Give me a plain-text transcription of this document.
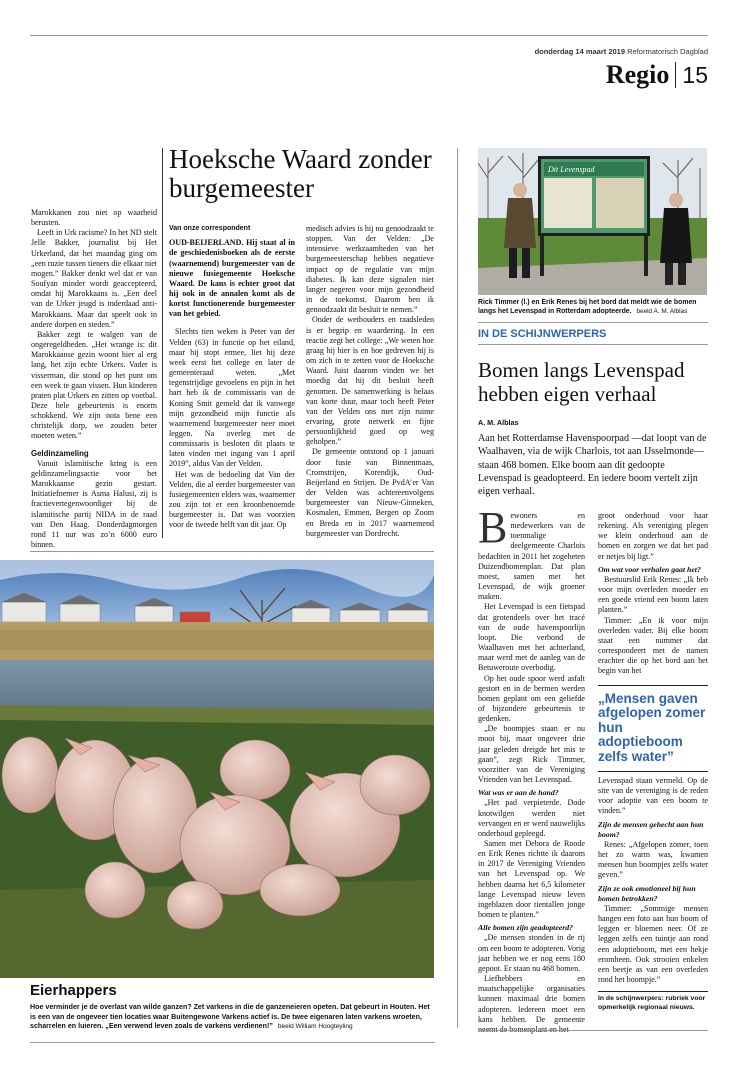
donderdag 14 maart 2019 Reformatorisch Dagblad
Regio 15

Marokkanen zou niet op waarheid berusten.

Leeft in Urk racisme? In het ND stelt Jelle Bakker, journalist bij Het Urkerland, dat het maandag ging om „een ruzie tussen tieners die elkaar niet mogen.” Bakker denkt wel dat er van Soufyan minder wordt geaccepteerd, omdat hij Marokkaans is. „Een deel van de Urker jeugd is inderdaad anti-Marokkaans. Maar dat speelt ook in andere dorpen en steden.”

Bakker zegt te walgen van de ongeregeldheden. „Het wrange is: dit Marokkaanse gezin woont hier al erg lang, het zijn echte Urkers. Vader is visserman, die stond op het punt om een week te gaan vissen. Hun kinderen praten plat Urkers en zitten op voetbal. Deze hele gebeurtenis is enorm schokkend. We zijn nota bene een christelijk dorp, we zouden beter moeten weten.”

Geldinzameling

Vanuit islamitische kring is een geldinzamelingsactie voor het Marokkaanse gezin gestart. Initiatiefnemer is Asma Halusi, zij is fractievertegenwoordiger bij de islamitische partij NIDA in de raad van Den Haag. Donderdagmorgen rond 11 uur was zo’n 6000 euro binnen.

Hoeksche Waard zonder burgemeester
Van onze correspondent

OUD-BEIJERLAND. Hij staat al in de geschiedenisboeken als de eerste (waarnemend) burgemeester van de nieuwe fusiegemeente Hoeksche Waard. De kans is echter groot dat hij ook in de annalen komt als de kortst functionerende burgemeester van het gebied.

Slechts tien weken is Peter van der Velden (63) in functie op het eiland, maar hij stopt ermee, liet hij deze week eerst het college en later de gemeenteraad weten. „Met tegenstrijdige gevoelens en pijn in het hart heb ik de commissaris van de Koning Smit gemeld dat ik vanwege mijn gezondheid mijn functie als waarnemend burgemeester neer moet leggen. Na overleg met de commissaris is besloten dit plaats te laten vinden met ingang van 1 april 2019”, aldus Van der Velden.

Het was de bedoeling dat Van der Velden, die al eerder burgemeester van fusiegemeenten elders was, waarnemer zou zijn tot er een kroonbenoemde burgemeester is. Dat was voorzien voor de tweede helft van dit jaar. Op

medisch advies is hij nu genoodzaakt te stoppen. Van der Velden: „De intensieve werkzaamheden van het burgemeesterschap hebben negatieve impact op de regulatie van mijn diabetes. Ik kan deze signalen niet langer negeren voor mijn gezondheid in de toekomst. Daarom ben ik genoodzaakt dit besluit te nemen.”

Onder de wethouders en raadsleden is er begrip en waardering. In een reactie zegt het college: „We weten hoe graag hij hier is en hoe gedreven hij is om zich in te zetten voor de Hoeksche Waard. Juist daarom vinden we het moedig dat hij dit besluit heeft genomen. De samenwerking is helaas van korte duur, maar toch heeft Peter van der Velden ons met zijn ruime ervaring, grote netwerk en fijne persoonlijkheid goed op weg geholpen.”

De gemeente ontstond op 1 januari door fusie van Binnenmaas, Cromstrijen, Korendijk, Oud-Beijerland en Strijen. De PvdA’er Van der Velden was achtereenvolgens burgemeester van Nieuw-Ginneken, Kosmalen, Emmen, Bergen op Zoom en Breda en in 2017 waarnemend burgemeester van Dordrecht.

Eierhappers
Hoe verminder je de overlast van wilde ganzen? Zet varkens in die de ganzeneieren opeten. Dat gebeurt in Houten. Het is een van de ongeveer tien locaties waar Buitengewone Varkens actief is. De twee eigenaren laten varkens wroeten, scharrelen en luieren. „Een verwend leven zoals de varkens verdienen!” beeld William Hoogteyling
Dit Levenspad
Rick Timmer (l.) en Erik Renes bij het bord dat meldt wie de bomen langs het Levenspad in Rotterdam adopteerde. beeld A. M. Alblas
IN DE SCHIJNWERPERS
Bomen langs Levenspad hebben eigen verhaal
A. M. Alblas
Aan het Rotterdamse Havenspoorpad —dat loopt van de Waalhaven, via de wijk Charlois, tot aan IJsselmonde— staan 468 bomen. Elke boom aan dit gedoopte Levenspad is geadopteerd. En iedere boom vertelt zijn eigen verhaal.
B ewoners en medewerkers van de toenmalige deelgemeente Charlois bedachten in 2011 het zogeheten Duizendbomenplan. Dat plan moest, samen met het Levenspad, de wijk groener maken.

Het Levenspad is een fietspad dat grotendeels over het tracé van de oude havenspoorlijn loopt. Die verbond de Waalhaven met het achterland, maar werd met de aanleg van de Betuweroute overbodig.

Op het oude spoor werd asfalt gestort en in de bermen werden bomen geplant om een geliefde of bijzondere gebeurtenis te gedenken.

„De boompjes staan er nu mooi bij, maar ongeveer drie jaar geleden dreigde het mis te gaan”, zegt Rick Timmer, voorzitter van de Vereniging Vrienden van het Levenspad.

Wat was er aan de hand?

„Het pad verpieterde. Dode knotwilgen werden niet vervangen en er werd nauwelijks onderhoud gepleegd.

Samen met Debora de Roode en Erik Renes richtte ik daarom in 2017 de Vereniging Vrienden van het Levenspad op. We hebben daarna het 6,5 kilometer lange Levenspad nieuw leven ingeblazen door tientallen jonge bomen te planten.”

Alle bomen zijn geadopteerd?

„De mensen stonden in de rij om een boom te adopteren. Vorig jaar hebben we er nog eens 180 gepoot. Er staan nu 468 bomen.

Liefhebbers en maatschappelijke organisaties kunnen maximaal drie bomen adopteren. Iedereen moet een kans hebben. De gemeente

groot onderhoud voor haar rekening. Als vereniging plegen we klein onderhoud aan de bomen en zorgen we dat het pad er netjes bij ligt.”

Om wat voor verhalen gaat het?

Bestuurslid Erik Renes: „Ik heb voor mijn overleden moeder en een goede vriend een boom laten planten.”

Timmer: „En ik voor mijn overleden vader. Bij elke boom staat een nummer dat correspondeert met de namen erachter die op het bord aan het begin van het

„Mensen gaven afgelopen zomer hun adoptieboom zelfs water”

Levenspad staan vermeld. Op de site van de vereniging is de reden voor adoptie van een boom te vinden.”

Zijn de mensen gehecht aan hun boom?

Renes: „Afgelopen zomer, toen het zo warm was, kwamen mensen hun boompjes zelfs water geven.”

Zijn ze ook emotioneel bij hun bomen betrokken?

Timmer: „Sommige mensen hangen een foto aan hun boom of leggen er bloemen neer. Of ze leggen zelfs een tuintje aan rond een adoptieboom, met een hekje eromheen. Ook strooien enkelen een beetje as van een overleden rond het boompje.”

In de schijnwerpers: rubriek voor opmerkelijk regionaal nieuws.
